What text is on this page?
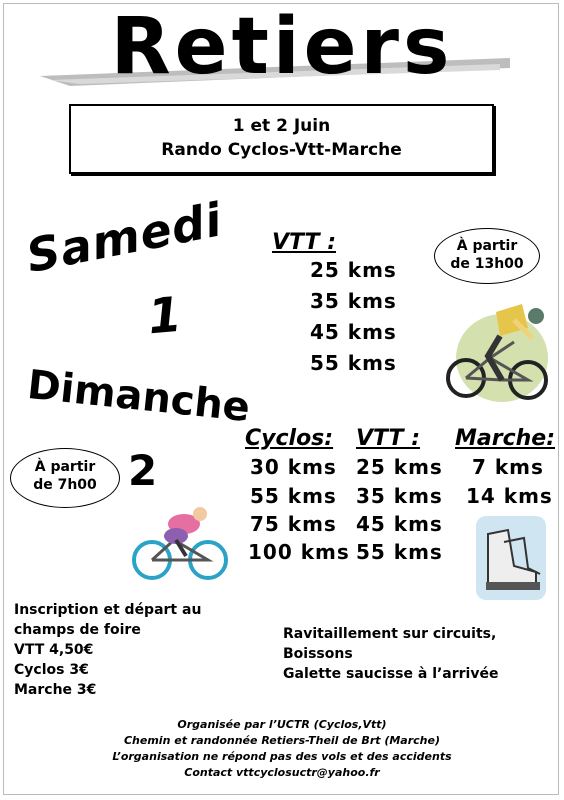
Retiers
1 et 2 Juin
Rando Cyclos-Vtt-Marche
Samedi
1
VTT :
25 kms
35 kms
45 kms
55 kms
À partir
de 13h00
Dimanche
2
À partir
de 7h00
Cyclos: VTT : Marche:
30 kms
55 kms
75 kms
100 kms
25 kms
35 kms
45 kms
55 kms
7 kms
14 kms
Inscription et départ au
champs de foire
VTT 4,50€
Cyclos 3€
Marche 3€
Ravitaillement sur circuits,
Boissons
Galette saucisse à l’arrivée
Organisée par l’UCTR (Cyclos,Vtt)
Chemin et randonnée Retiers-Theil de Brt (Marche)
L’organisation ne répond pas des vols et des accidents
Contact vttcyclosuctr@yahoo.fr
